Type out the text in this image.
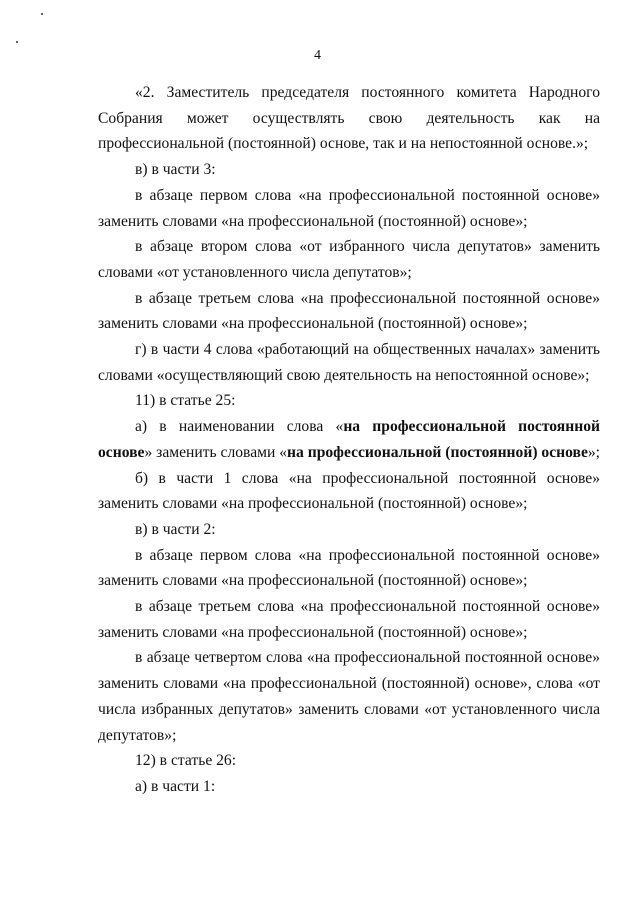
4

«2. Заместитель председателя постоянного комитета Народного Собрания может осуществлять свою деятельность как на профессиональной (постоянной) основе, так и на непостоянной основе.»;

в) в части 3:

в абзаце первом слова «на профессиональной постоянной основе» заменить словами «на профессиональной (постоянной) основе»;

в абзаце втором слова «от избранного числа депутатов» заменить словами «от установленного числа депутатов»;

в абзаце третьем слова «на профессиональной постоянной основе» заменить словами «на профессиональной (постоянной) основе»;

г) в части 4 слова «работающий на общественных началах» заменить словами «осуществляющий свою деятельность на непостоянной основе»;

11) в статье 25:

а) в наименовании слова «на профессиональной постоянной основе» заменить словами «на профессиональной (постоянной) основе»;

б) в части 1 слова «на профессиональной постоянной основе» заменить словами «на профессиональной (постоянной) основе»;

в) в части 2:

в абзаце первом слова «на профессиональной постоянной основе» заменить словами «на профессиональной (постоянной) основе»;

в абзаце третьем слова «на профессиональной постоянной основе» заменить словами «на профессиональной (постоянной) основе»;

в абзаце четвертом слова «на профессиональной постоянной основе» заменить словами «на профессиональной (постоянной) основе», слова «от числа избранных депутатов» заменить словами «от установленного числа депутатов»;

12) в статье 26:

а) в части 1:
